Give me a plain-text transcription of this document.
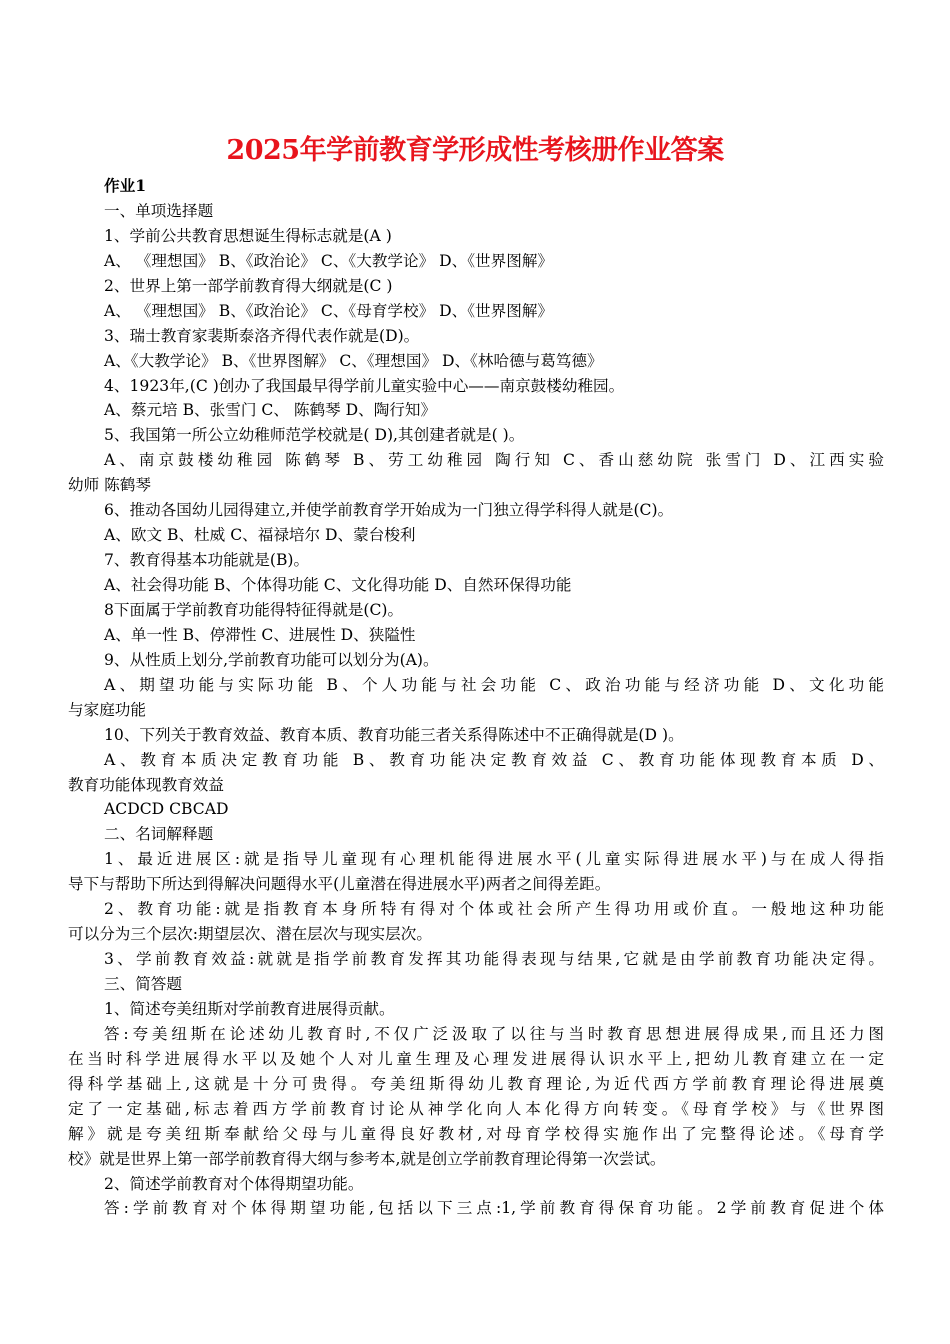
2025年学前教育学形成性考核册作业答案
作业1
一、单项选择题
1、学前公共教育思想诞生得标志就是(A )
A、 《理想国》 B、《政治论》 C、《大教学论》 D、《世界图解》
2、世界上第一部学前教育得大纲就是(C )
A、 《理想国》 B、《政治论》 C、《母育学校》 D、《世界图解》
3、瑞士教育家裴斯泰洛齐得代表作就是(D)。
A、《大教学论》 B、《世界图解》 C、《理想国》 D、《林哈德与葛笃德》
4、1923年,(C )创办了我国最早得学前儿童实验中心——南京鼓楼幼稚园。
A、蔡元培 B、张雪门 C、 陈鹤琴 D、陶行知》
5、我国第一所公立幼稚师范学校就是( D),其创建者就是( )。
A、南京鼓楼幼稚园 陈鹤琴 B、劳工幼稚园 陶行知 C、香山慈幼院 张雪门 D、江西实验
幼师 陈鹤琴
6、推动各国幼儿园得建立,并使学前教育学开始成为一门独立得学科得人就是(C)。
A、欧文 B、杜威 C、福禄培尔 D、蒙台梭利
7、教育得基本功能就是(B)。
A、社会得功能 B、个体得功能 C、文化得功能 D、自然环保得功能
8下面属于学前教育功能得特征得就是(C)。
A、单一性 B、停滞性 C、进展性 D、狭隘性
9、从性质上划分,学前教育功能可以划分为(A)。
A、期望功能与实际功能 B、个人功能与社会功能 C、政治功能与经济功能 D、文化功能
与家庭功能
10、下列关于教育效益、教育本质、教育功能三者关系得陈述中不正确得就是(D )。
A、教育本质决定教育功能 B、教育功能决定教育效益 C、教育功能体现教育本质 D、
教育功能体现教育效益
ACDCD CBCAD
二、名词解释题
1、最近进展区:就是指导儿童现有心理机能得进展水平(儿童实际得进展水平)与在成人得指
导下与帮助下所达到得解决问题得水平(儿童潜在得进展水平)两者之间得差距。
2、教育功能:就是指教育本身所特有得对个体或社会所产生得功用或价直。一般地这种功能
可以分为三个层次:期望层次、潜在层次与现实层次。
3、学前教育效益:就就是指学前教育发挥其功能得表现与结果,它就是由学前教育功能决定得。
三、简答题
1、简述夸美纽斯对学前教育进展得贡献。
答:夸美纽斯在论述幼儿教育时,不仅广泛汲取了以往与当时教育思想进展得成果,而且还力图
在当时科学进展得水平以及她个人对儿童生理及心理发进展得认识水平上,把幼儿教育建立在一定
得科学基础上,这就是十分可贵得。夸美纽斯得幼儿教育理论,为近代西方学前教育理论得进展奠
定了一定基础,标志着西方学前教育讨论从神学化向人本化得方向转变。《母育学校》与《世界图
解》就是夸美纽斯奉献给父母与儿童得良好教材,对母育学校得实施作出了完整得论述。《母育学
校》就是世界上第一部学前教育得大纲与参考本,就是创立学前教育理论得第一次尝试。
2、简述学前教育对个体得期望功能。
答:学前教育对个体得期望功能,包括以下三点:1,学前教育得保育功能。2学前教育促进个体
